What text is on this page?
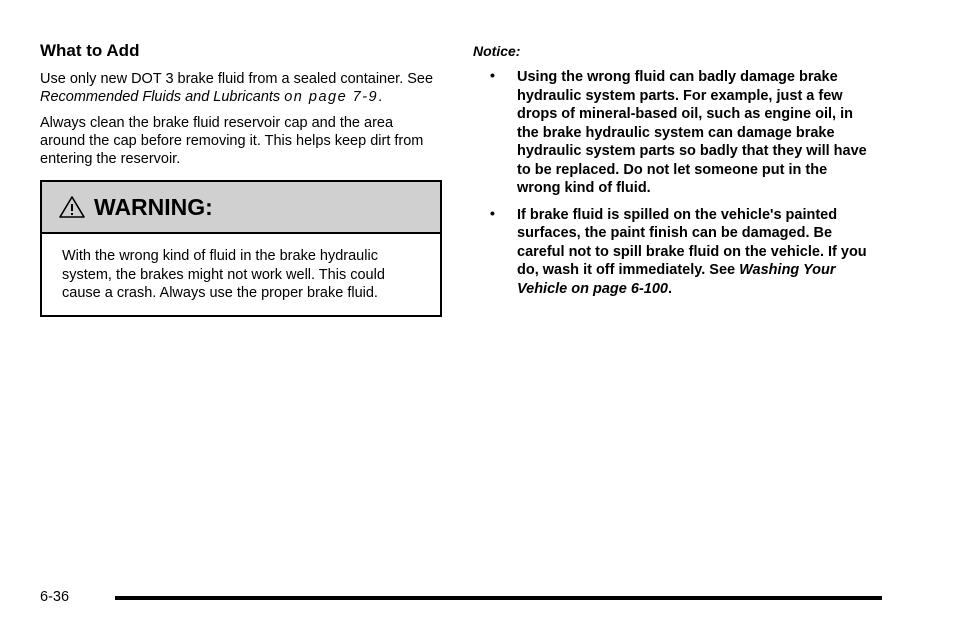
What to Add

Use only new DOT 3 brake fluid from a sealed container. See Recommended Fluids and Lubricants on page 7-9.

Always clean the brake fluid reservoir cap and the area around the cap before removing it. This helps keep dirt from entering the reservoir.

WARNING:
With the wrong kind of fluid in the brake hydraulic system, the brakes might not work well. This could cause a crash. Always use the proper brake fluid.

Notice:

• Using the wrong fluid can badly damage brake hydraulic system parts. For example, just a few drops of mineral-based oil, such as engine oil, in the brake hydraulic system can damage brake hydraulic system parts so badly that they will have to be replaced. Do not let someone put in the wrong kind of fluid.
• If brake fluid is spilled on the vehicle's painted surfaces, the paint finish can be damaged. Be careful not to spill brake fluid on the vehicle. If you do, wash it off immediately. See Washing Your Vehicle on page 6-100.
6-36
